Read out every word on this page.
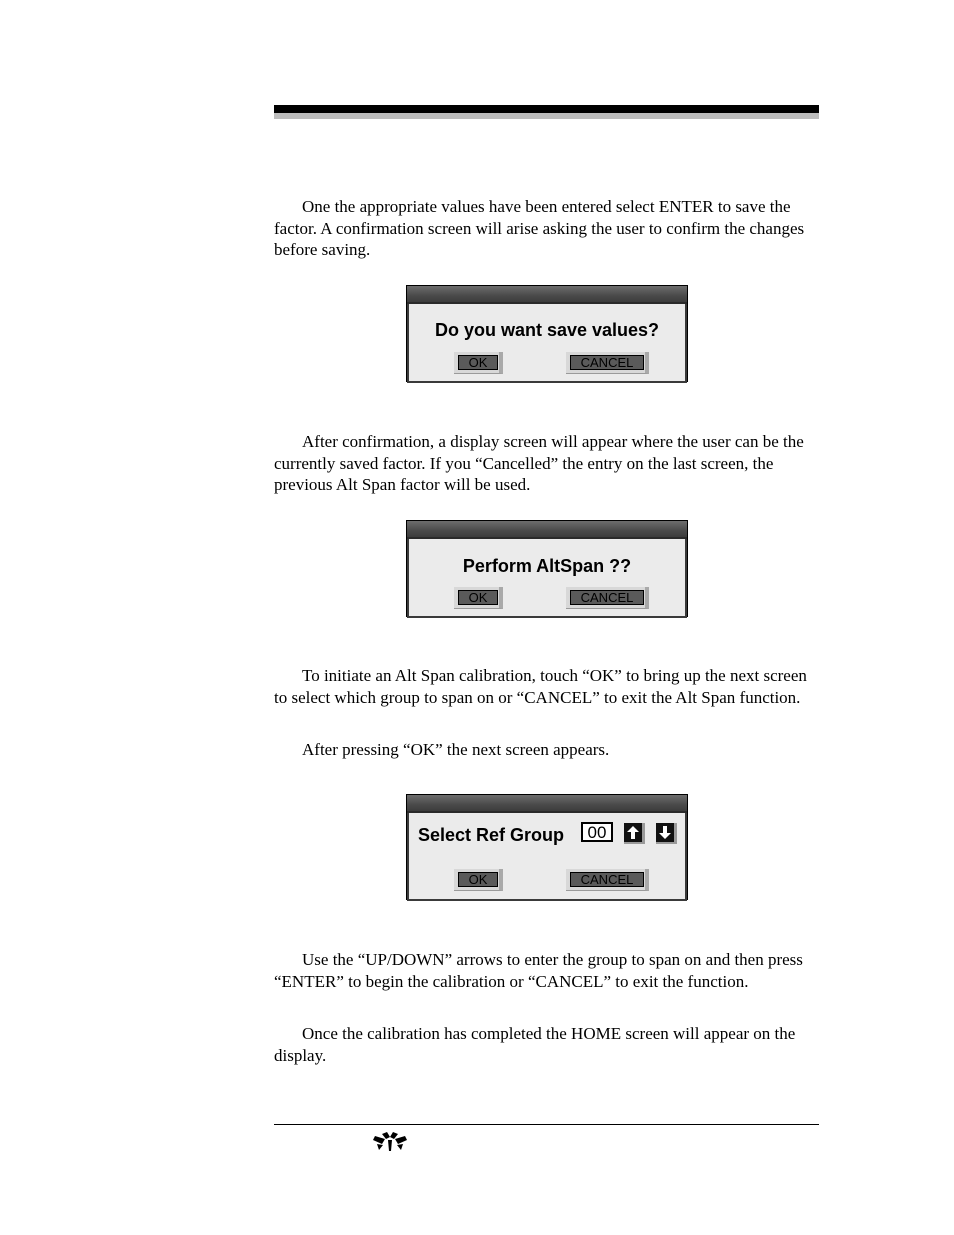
One the appropriate values have been entered select ENTER to save the factor. A confirmation screen will arise asking the user to confirm the changes before saving.

Do you want save values?
OK	CANCEL

After confirmation, a display screen will appear where the user can be the currently saved factor. If you “Cancelled” the entry on the last screen, the previous Alt Span factor will be used.

Perform AltSpan ??
OK	CANCEL

To initiate an Alt Span calibration, touch “OK” to bring up the next screen to select which group to span on or “CANCEL” to exit the Alt Span function.

After pressing “OK” the next screen appears.

Select Ref Group	00
OK	CANCEL

Use the “UP/DOWN” arrows to enter the group to span on and then press “ENTER” to begin the calibration or “CANCEL” to exit the function.

Once the calibration has completed the HOME screen will appear on the display.
